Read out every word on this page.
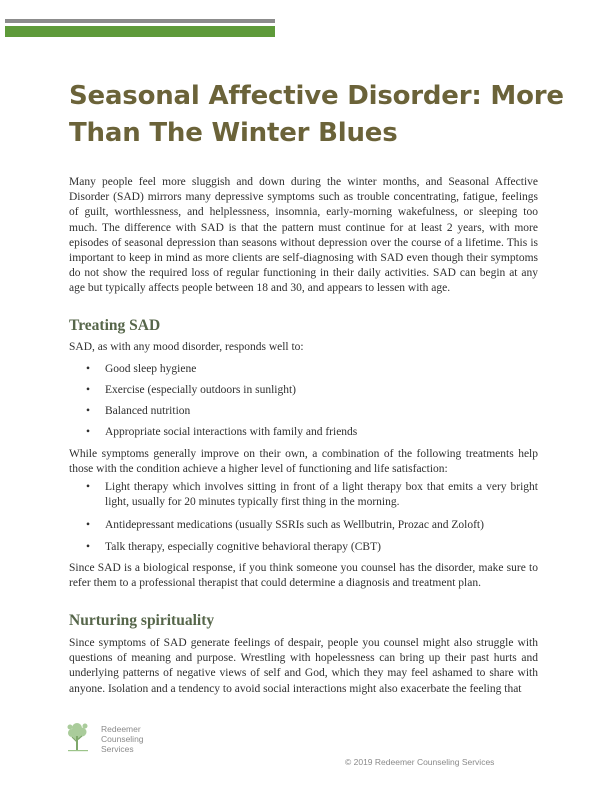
Seasonal Affective Disorder: More
Than The Winter Blues

Many people feel more sluggish and down during the winter months, and Seasonal Affective Disorder (SAD) mirrors many depressive symptoms such as trouble concentrating, fatigue, feelings of guilt, worthlessness, and helplessness, insomnia, early-morning wakefulness, or sleeping too much. The difference with SAD is that the pattern must continue for at least 2 years, with more episodes of seasonal depression than seasons without depression over the course of a lifetime. This is important to keep in mind as more clients are self-diagnosing with SAD even though their symptoms do not show the required loss of regular functioning in their daily activities. SAD can begin at any age but typically affects people between 18 and 30, and appears to lessen with age.

Treating SAD

SAD, as with any mood disorder, responds well to:

• Good sleep hygiene
• Exercise (especially outdoors in sunlight)
• Balanced nutrition
• Appropriate social interactions with family and friends

While symptoms generally improve on their own, a combination of the following treatments help those with the condition achieve a higher level of functioning and life satisfaction:

• Light therapy which involves sitting in front of a light therapy box that emits a very bright light, usually for 20 minutes typically first thing in the morning.
• Antidepressant medications (usually SSRIs such as Wellbutrin, Prozac and Zoloft)
• Talk therapy, especially cognitive behavioral therapy (CBT)

Since SAD is a biological response, if you think someone you counsel has the disorder, make sure to refer them to a professional therapist that could determine a diagnosis and treatment plan.

Nurturing spirituality

Since symptoms of SAD generate feelings of despair, people you counsel might also struggle with questions of meaning and purpose. Wrestling with hopelessness can bring up their past hurts and underlying patterns of negative views of self and God, which they may feel ashamed to share with anyone. Isolation and a tendency to avoid social interactions might also exacerbate the feeling that

Redeemer
Counseling
Services
© 2019 Redeemer Counseling Services
